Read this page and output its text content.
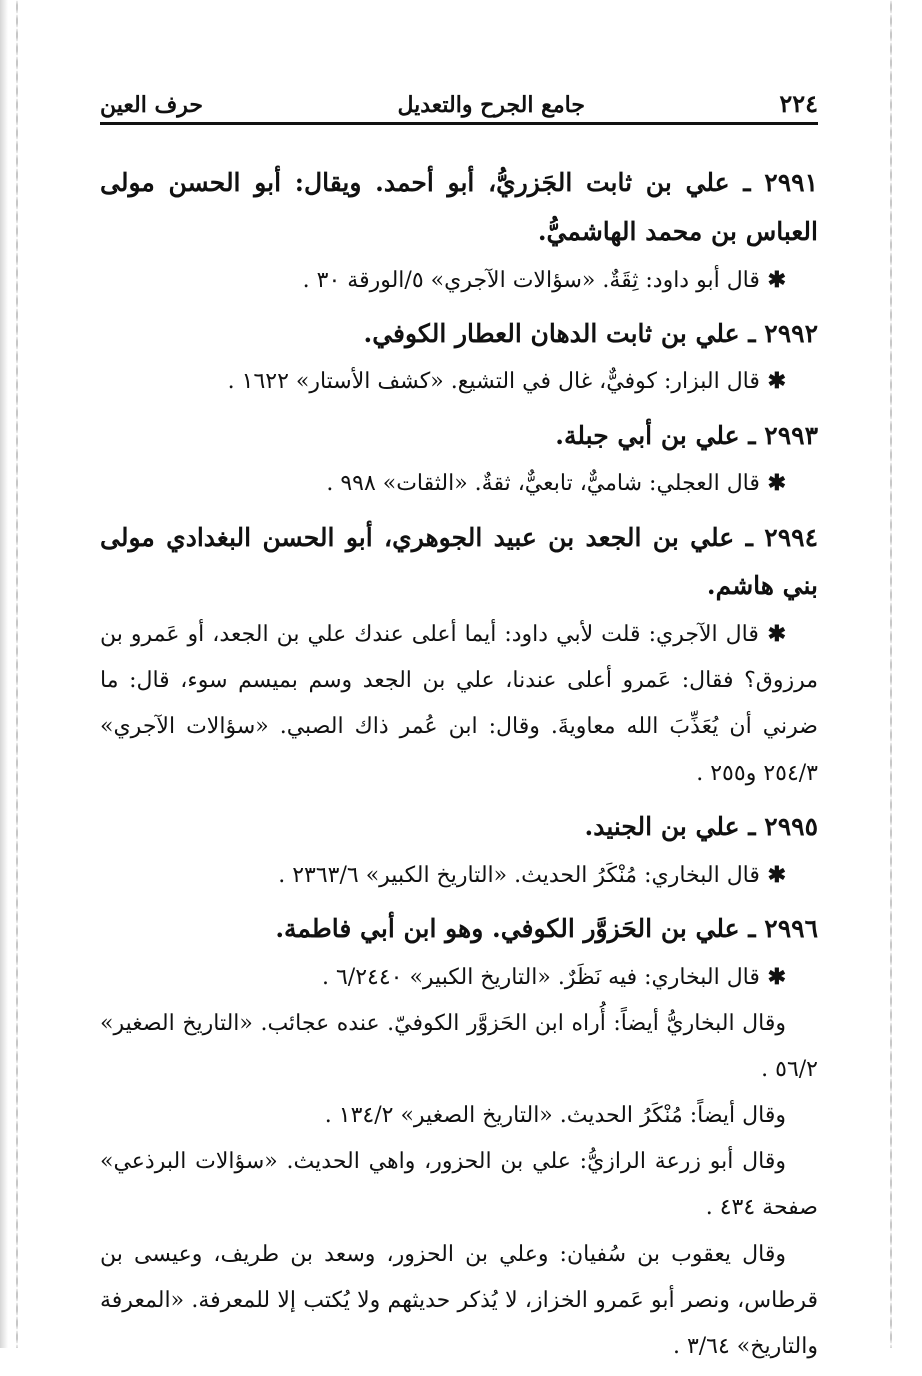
٢٢٤
جامع الجرح والتعديل
حرف العين
٢٩٩١ ـ علي بن ثابت الجَزريُّ، أبو أحمد. ويقال: أبو الحسن مولى العباس بن محمد الهاشميُّ.
✱ قال أبو داود: ثِقَةٌ. «سؤالات الآجري» ٥/الورقة ٣٠ .
٢٩٩٢ ـ علي بن ثابت الدهان العطار الكوفي.
✱ قال البزار: كوفيٌّ، غال في التشيع. «كشف الأستار» ١٦٢٢ .
٢٩٩٣ ـ علي بن أبي جبلة.
✱ قال العجلي: شاميٌّ، تابعيٌّ، ثقةٌ. «الثقات» ٩٩٨ .
٢٩٩٤ ـ علي بن الجعد بن عبيد الجوهري، أبو الحسن البغدادي مولى بني هاشم.
✱ قال الآجري: قلت لأبي داود: أيما أعلى عندك علي بن الجعد، أو عَمرو بن مرزوق؟ فقال: عَمرو أعلى عندنا، علي بن الجعد وسم بميسم سوء، قال: ما ضرني أن يُعَذِّبَ الله معاويةَ. وقال: ابن عُمر ذاك الصبي. «سؤالات الآجري» ٢٥٤/٣ و٢٥٥ .
٢٩٩٥ ـ علي بن الجنيد.
✱ قال البخاري: مُنْكَرُ الحديث. «التاريخ الكبير» ٢٣٦٣/٦ .
٢٩٩٦ ـ علي بن الحَزوَّر الكوفي. وهو ابن أبي فاطمة.
✱ قال البخاري: فيه نَظَرٌ. «التاريخ الكبير» ٦/٢٤٤٠ .
وقال البخاريُّ أيضاً: أُراه ابن الحَزوَّر الكوفيّ. عنده عجائب. «التاريخ الصغير» ٥٦/٢ .
وقال أيضاً: مُنْكَرُ الحديث. «التاريخ الصغير» ١٣٤/٢ .
وقال أبو زرعة الرازيُّ: علي بن الحزور، واهي الحديث. «سؤالات البرذعي» صفحة ٤٣٤ .
وقال يعقوب بن سُفيان: وعلي بن الحزور، وسعد بن طريف، وعيسى بن قرطاس، ونصر أبو عَمرو الخزاز، لا يُذكر حديثهم ولا يُكتب إلا للمعرفة. «المعرفة والتاريخ» ٣/٦٤ .
